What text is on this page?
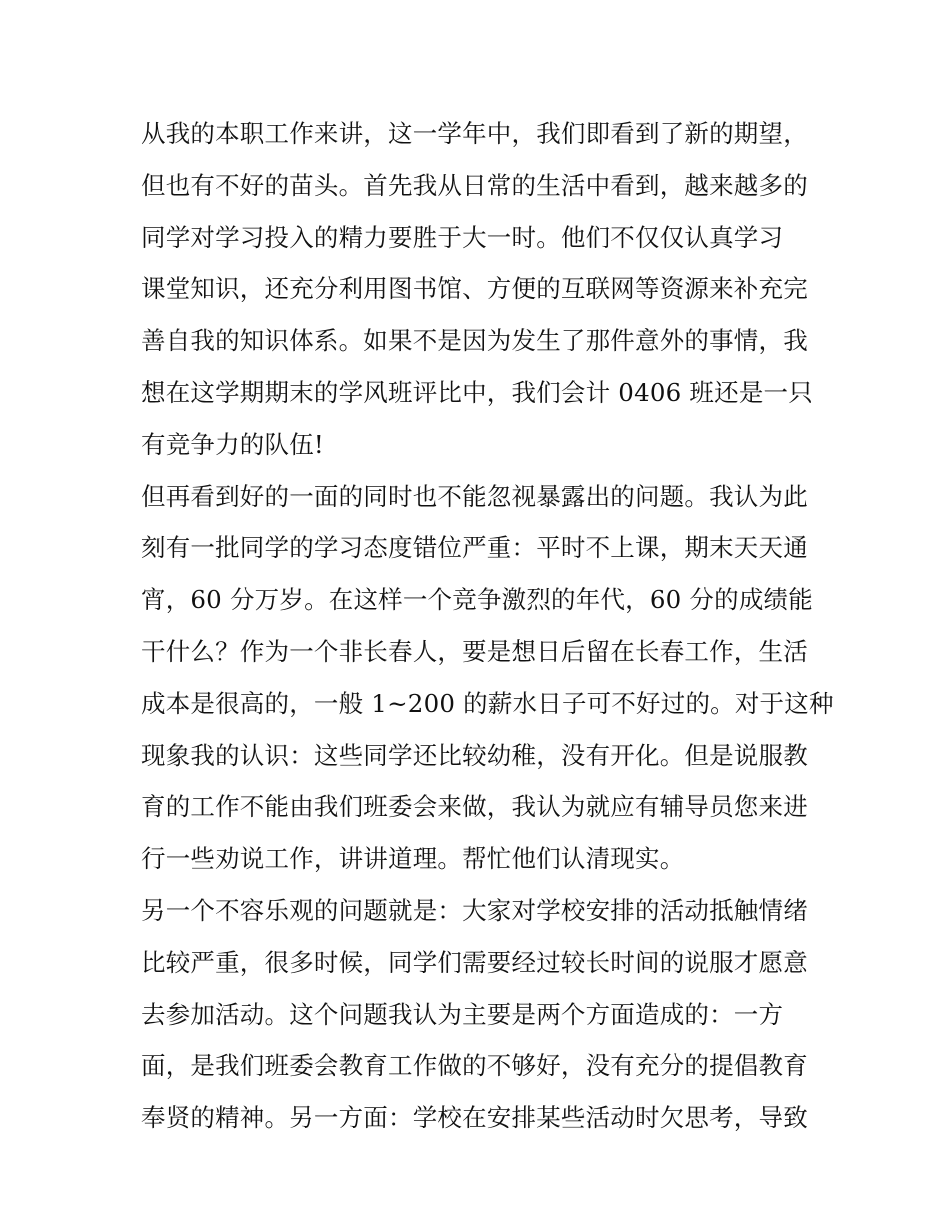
从我的本职工作来讲，这一学年中，我们即看到了新的期望，
但也有不好的苗头。首先我从日常的生活中看到，越来越多的
同学对学习投入的精力要胜于大一时。他们不仅仅认真学习
课堂知识，还充分利用图书馆、方便的互联网等资源来补充完
善自我的知识体系。如果不是因为发生了那件意外的事情，我
想在这学期期末的学风班评比中，我们会计 0406 班还是一只
有竞争力的队伍!
但再看到好的一面的同时也不能忽视暴露出的问题。我认为此
刻有一批同学的学习态度错位严重：平时不上课，期末天天通
宵，60 分万岁。在这样一个竞争激烈的年代，60 分的成绩能
干什么？作为一个非长春人，要是想日后留在长春工作，生活
成本是很高的，一般 1~200 的薪水日子可不好过的。对于这种
现象我的认识：这些同学还比较幼稚，没有开化。但是说服教
育的工作不能由我们班委会来做，我认为就应有辅导员您来进
行一些劝说工作，讲讲道理。帮忙他们认清现实。
另一个不容乐观的问题就是：大家对学校安排的活动抵触情绪
比较严重，很多时候，同学们需要经过较长时间的说服才愿意
去参加活动。这个问题我认为主要是两个方面造成的：一方
面，是我们班委会教育工作做的不够好，没有充分的提倡教育
奉贤的精神。另一方面：学校在安排某些活动时欠思考，导致
